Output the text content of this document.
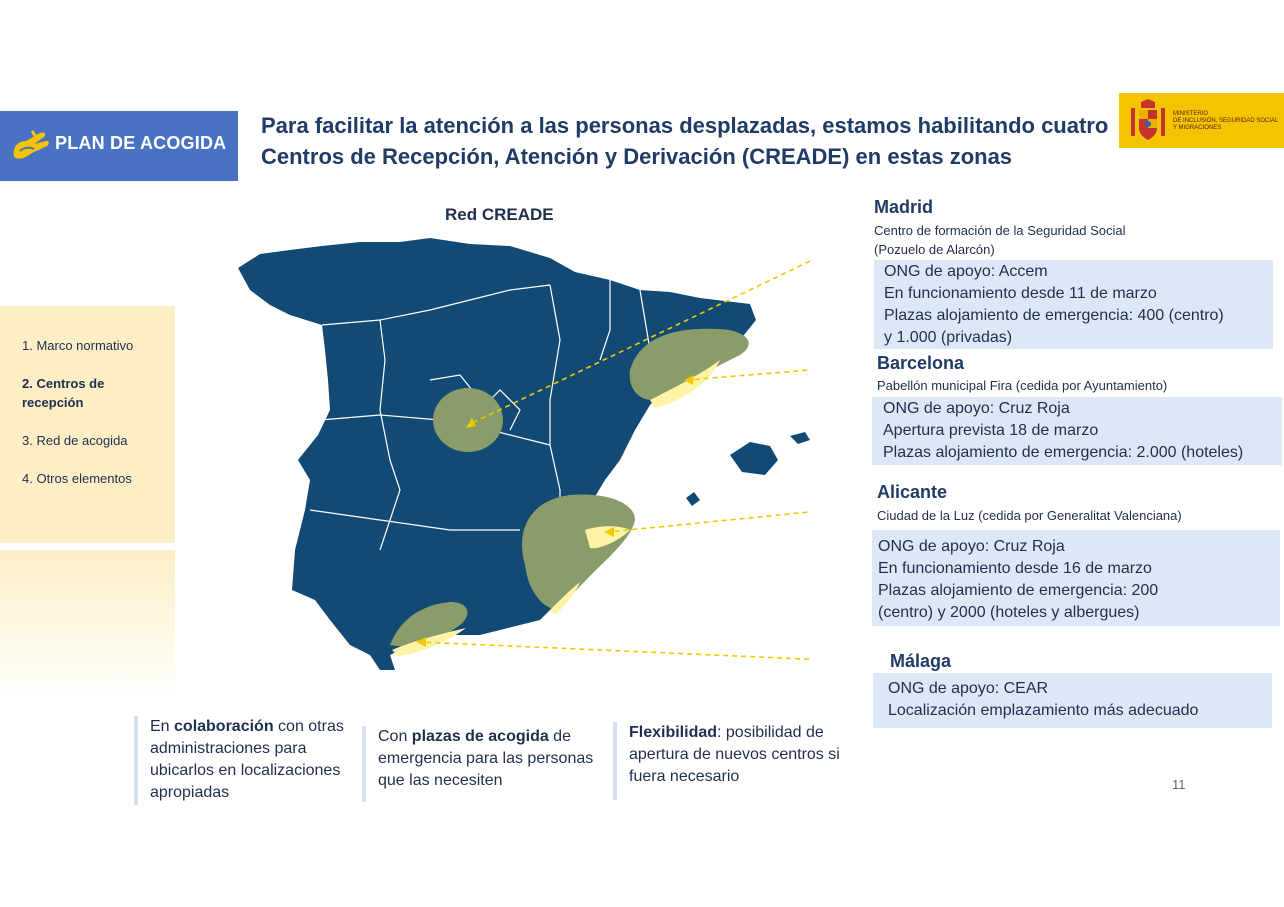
PLAN DE ACOGIDA
Para facilitar la atención a las personas desplazadas, estamos habilitando cuatro Centros de Recepción, Atención y Derivación (CREADE) en estas zonas
MINISTERIO
DE INCLUSIÓN, SEGURIDAD SOCIAL
Y MIGRACIONES
1. Marco normativo
2. Centros de recepción
3. Red de acogida
4. Otros elementos
Red CREADE	Madrid
Centro de formación de la Seguridad Social
(Pozuelo de Alarcón)
ONG de apoyo: Accem
En funcionamiento desde 11 de marzo
Plazas alojamiento de emergencia: 400 (centro)
y 1.000 (privadas)
Barcelona
Pabellón municipal Fira (cedida por Ayuntamiento)
ONG de apoyo: Cruz Roja
Apertura prevista 18 de marzo
Plazas alojamiento de emergencia: 2.000 (hoteles)
Alicante
Ciudad de la Luz (cedida por Generalitat Valenciana)
ONG de apoyo: Cruz Roja
En funcionamiento desde 16 de marzo
Plazas alojamiento de emergencia: 200
(centro) y 2000 (hoteles y albergues)
Málaga
ONG de apoyo: CEAR
Localización emplazamiento más adecuado
En colaboración con otras administraciones para ubicarlos en localizaciones apropiadas
Con plazas de acogida de emergencia para las personas que las necesiten
Flexibilidad: posibilidad de apertura de nuevos centros si fuera necesario	11
